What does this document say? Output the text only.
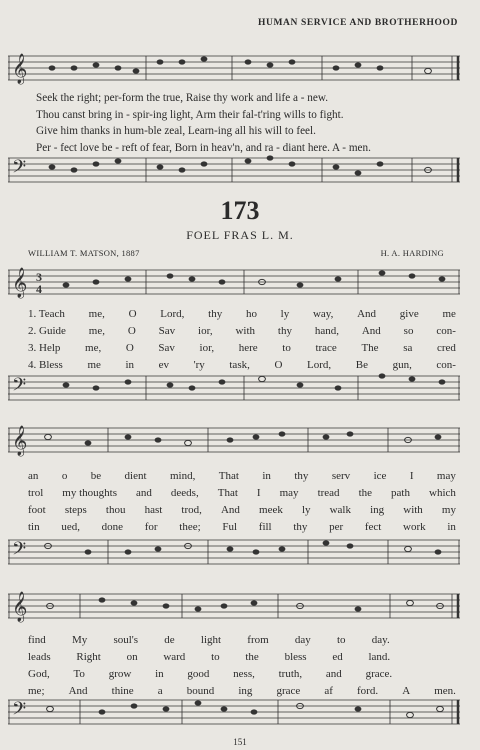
HUMAN SERVICE AND BROTHERHOOD
𝄞
Seek the right; per-form the true, Raise thy work and life a - new.
Thou canst bring in - spir-ing light, Arm their fal-t'ring wills to fight.
Give him thanks in hum-ble zeal, Learn-ing all his will to feel.
Per - fect love be - reft of fear, Born in heav'n, and ra - diant here. A - men.
𝄢
173
FOEL FRAS L. M.
WILLIAM T. MATSON, 1887	H. A. HARDING
𝄞 3
4
1. Teach me, O Lord, thy ho ly way, And give me
2. Guide me, O Sav ior, with thy hand, And so con-
3. Help me, O Sav ior, here to trace The sa cred
4. Bless me in ev 'ry task, O Lord, Be gun, con-
𝄢
𝄞
an o be dient mind, That in thy serv ice I may
trol my thoughts and deeds, That I may tread the path which
foot steps thou hast trod, And meek ly walk ing with my
tin ued, done for thee; Ful fill thy per fect work in
𝄢
𝄞
find My soul's de light from day to day.
leads Right on ward to the bless ed land.
God, To grow in good ness, truth, and grace.
me; And thine a bound ing grace af ford. A men.
𝄢
151
